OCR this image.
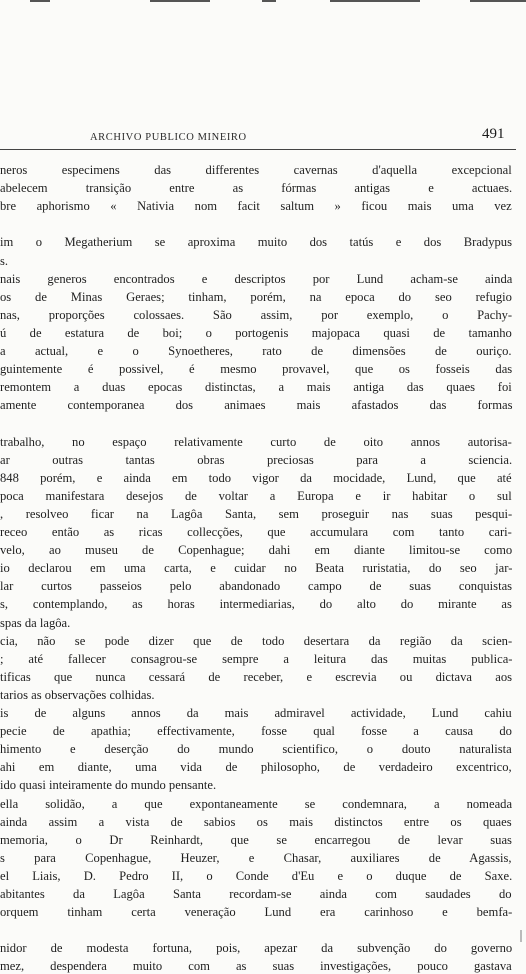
ARCHIVO PUBLICO MINEIRO	491
neros especimens das differentes cavernas d'aquella excepcional
abelecem transição entre as fórmas antigas e actuaes.
bre aphorismo « Nativia nom facit saltum » ficou mais uma vez
im o Megatherium se aproxima muito dos tatús e dos Bradypus
s.
nais generos encontrados e descriptos por Lund acham-se ainda
os de Minas Geraes; tinham, porém, na epoca do seo refugio
nas, proporções colossaes. São assim, por exemplo, o Pachy-
ú de estatura de boi; o portogenis majopaca quasi de tamanho
a actual, e o Synoetheres, rato de dimensões de ouriço.
guintemente é possivel, é mesmo provavel, que os fosseis das
remontem a duas epocas distinctas, a mais antiga das quaes foi
amente contemporanea dos animaes mais afastados das formas
trabalho, no espaço relativamente curto de oito annos autorisa-
ar outras tantas obras preciosas para a sciencia.
848 porém, e ainda em todo vigor da mocidade, Lund, que até
poca manifestara desejos de voltar a Europa e ir habitar o sul
, resolveo ficar na Lagôa Santa, sem proseguir nas suas pesqui-
receo então as ricas collecções, que accumulara com tanto cari-
velo, ao museu de Copenhague; dahi em diante limitou-se como
io declarou em uma carta, e cuidar no Beata ruristatia, do seo jar-
lar curtos passeios pelo abandonado campo de suas conquistas
s, contemplando, as horas intermediarias, do alto do mirante as
spas da lagôa.
cia, não se pode dizer que de todo desertara da região da scien-
; até fallecer consagrou-se sempre a leitura das muitas publica-
tificas que nunca cessará de receber, e escrevia ou dictava aos
tarios as observações colhidas.
is de alguns annos da mais admiravel actividade, Lund cahiu
pecie de apathia; effectivamente, fosse qual fosse a causa do
himento e deserção do mundo scientifico, o douto naturalista
ahi em diante, uma vida de philosopho, de verdadeiro excentrico,
ido quasi inteiramente do mundo pensante.
ella solidão, a que expontaneamente se condemnara, a nomeada
ainda assim a vista de sabios os mais distinctos entre os quaes
memoria, o Dr Reinhardt, que se encarregou de levar suas
s para Copenhague, Heuzer, e Chasar, auxiliares de Agassis,
el Liais, D. Pedro II, o Conde d'Eu e o duque de Saxe.
abitantes da Lagôa Santa recordam-se ainda com saudades do
orquem tinham certa veneração Lund era carinhoso e bemfa-
nidor de modesta fortuna, pois, apezar da subvenção do governo
mez, despendera muito com as suas investigações, pouco gastava
